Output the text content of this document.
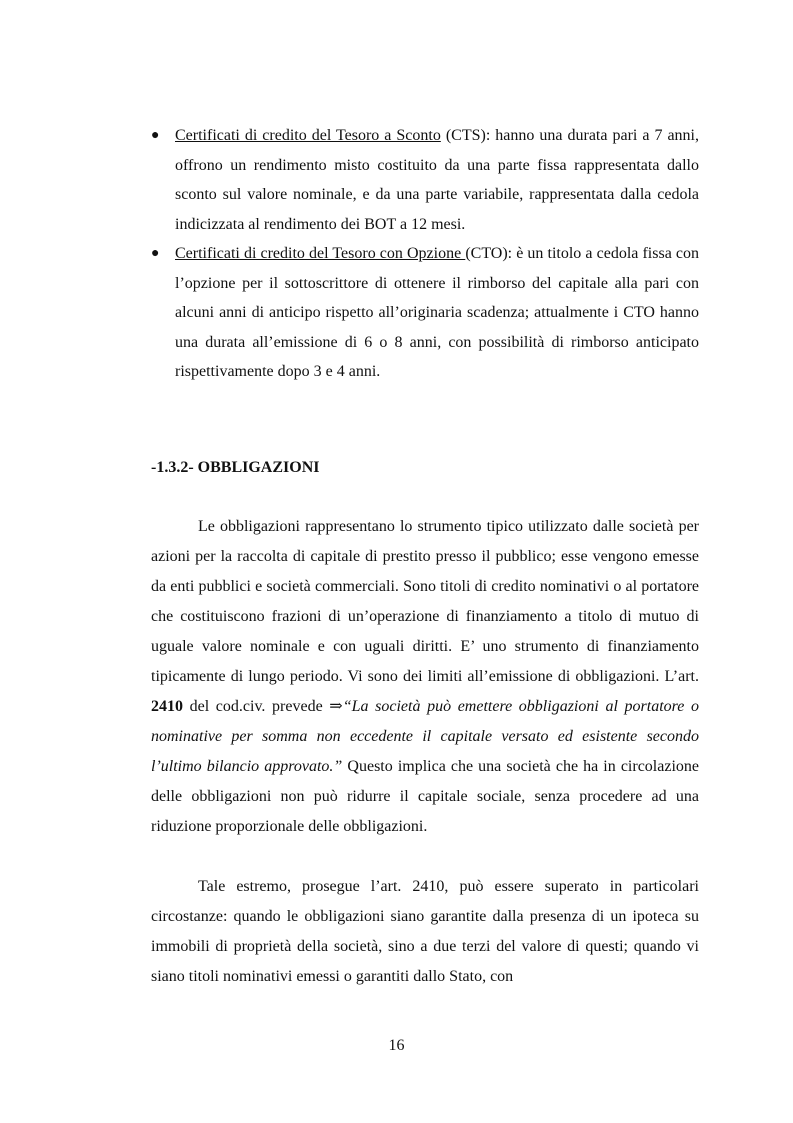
● Certificati di credito del Tesoro a Sconto (CTS): hanno una durata pari a 7 anni, offrono un rendimento misto costituito da una parte fissa rappresentata dallo sconto sul valore nominale, e da una parte variabile, rappresentata dalla cedola indicizzata al rendimento dei BOT a 12 mesi.
● Certificati di credito del Tesoro con Opzione (CTO): è un titolo a cedola fissa con l’opzione per il sottoscrittore di ottenere il rimborso del capitale alla pari con alcuni anni di anticipo rispetto all’originaria scadenza; attualmente i CTO hanno una durata all’emissione di 6 o 8 anni, con possibilità di rimborso anticipato rispettivamente dopo 3 e 4 anni.
-1.3.2- OBBLIGAZIONI
Le obbligazioni rappresentano lo strumento tipico utilizzato dalle società per azioni per la raccolta di capitale di prestito presso il pubblico; esse vengono emesse da enti pubblici e società commerciali. Sono titoli di credito nominativi o al portatore che costituiscono frazioni di un’operazione di finanziamento a titolo di mutuo di uguale valore nominale e con uguali diritti. E’ uno strumento di finanziamento tipicamente di lungo periodo. Vi sono dei limiti all’emissione di obbligazioni. L’art. 2410 del cod.civ. prevede ⇒“La società può emettere obbligazioni al portatore o nominative per somma non eccedente il capitale versato ed esistente secondo l’ultimo bilancio approvato.” Questo implica che una società che ha in circolazione delle obbligazioni non può ridurre il capitale sociale, senza procedere ad una riduzione proporzionale delle obbligazioni.
Tale estremo, prosegue l’art. 2410, può essere superato in particolari circostanze: quando le obbligazioni siano garantite dalla presenza di un ipoteca su immobili di proprietà della società, sino a due terzi del valore di questi; quando vi siano titoli nominativi emessi o garantiti dallo Stato, con
16
